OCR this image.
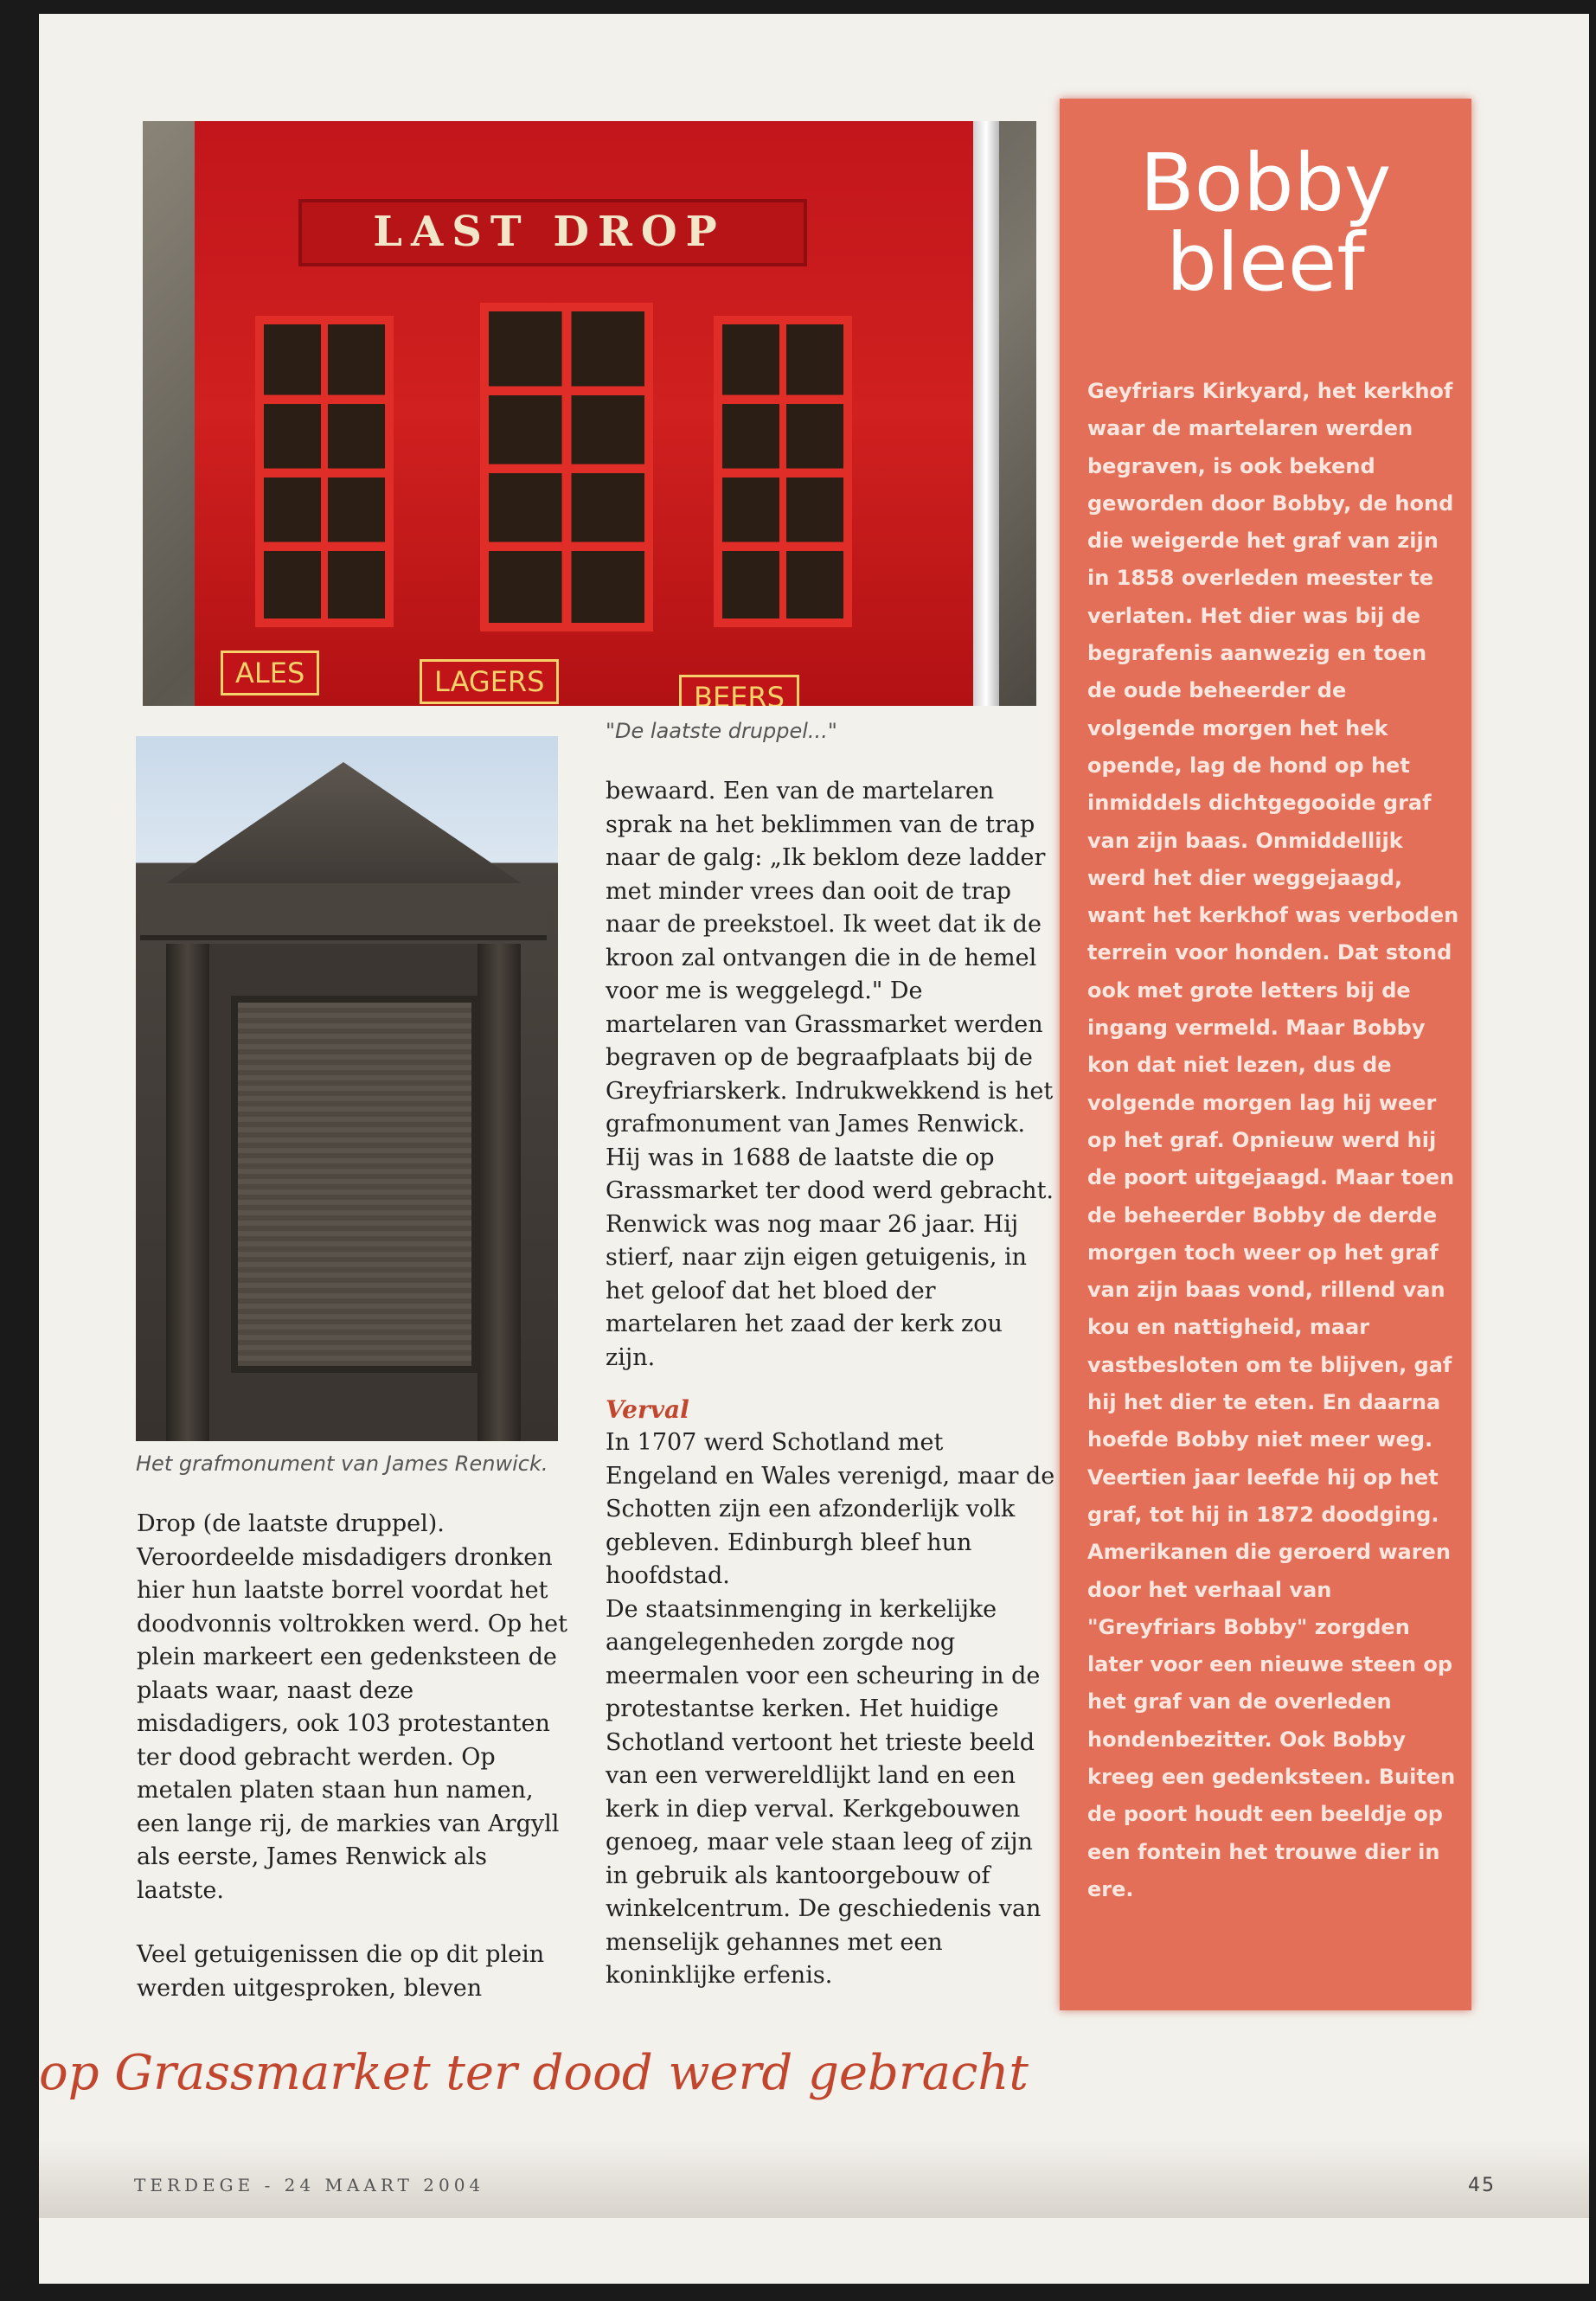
LAST DROP
ALES	LAGERS	BEERS
"De laatste druppel..."
Het grafmonument van James Renwick.

Drop (de laatste druppel). Veroordeelde misdadigers dronken hier hun laatste borrel voordat het doodvonnis voltrokken werd. Op het plein markeert een gedenksteen de plaats waar, naast deze misdadigers, ook 103 protestanten ter dood gebracht werden. Op metalen platen staan hun namen, een lange rij, de markies van Argyll als eerste, James Renwick als laatste.

Veel getuigenissen die op dit plein werden uitgesproken, bleven

bewaard. Een van de martelaren sprak na het beklimmen van de trap naar de galg: „Ik beklom deze ladder met minder vrees dan ooit de trap naar de preekstoel. Ik weet dat ik de kroon zal ontvangen die in de hemel voor me is weggelegd." De martelaren van Grassmarket werden begraven op de begraafplaats bij de Greyfriarskerk. Indrukwekkend is het grafmonument van James Renwick. Hij was in 1688 de laatste die op Grassmarket ter dood werd gebracht. Renwick was nog maar 26 jaar. Hij stierf, naar zijn eigen getuigenis, in het geloof dat het bloed der martelaren het zaad der kerk zou zijn.

Verval

In 1707 werd Schotland met Engeland en Wales verenigd, maar de Schotten zijn een afzonderlijk volk gebleven. Edinburgh bleef hun hoofdstad.

De staatsinmenging in kerkelijke aangelegenheden zorgde nog meermalen voor een scheuring in de protestantse kerken. Het huidige Schotland vertoont het trieste beeld van een verwereldlijkt land en een kerk in diep verval. Kerkgebouwen genoeg, maar vele staan leeg of zijn in gebruik als kantoorgebouw of winkelcentrum. De geschiedenis van menselijk gehannes met een koninklijke erfenis.

Bobby
bleef
Geyfriars Kirkyard, het kerkhof waar de martelaren werden begraven, is ook bekend geworden door Bobby, de hond die weigerde het graf van zijn in 1858 overleden meester te verlaten. Het dier was bij de begrafenis aanwezig en toen de oude beheerder de volgende morgen het hek opende, lag de hond op het inmiddels dichtgegooide graf van zijn baas. Onmiddellijk werd het dier weggejaagd, want het kerkhof was verboden terrein voor honden. Dat stond ook met grote letters bij de ingang vermeld. Maar Bobby kon dat niet lezen, dus de volgende morgen lag hij weer op het graf. Opnieuw werd hij de poort uitgejaagd. Maar toen de beheerder Bobby de derde morgen toch weer op het graf van zijn baas vond, rillend van kou en nattigheid, maar vastbesloten om te blijven, gaf hij het dier te eten. En daarna hoefde Bobby niet meer weg. Veertien jaar leefde hij op het graf, tot hij in 1872 doodging. Amerikanen die geroerd waren door het verhaal van "Greyfriars Bobby" zorgden later voor een nieuwe steen op het graf van de overleden hondenbezitter. Ook Bobby kreeg een gedenksteen. Buiten de poort houdt een beeldje op een fontein het trouwe dier in ere.
op Grassmarket ter dood werd gebracht
TERDEGE - 24 MAART 2004	45
